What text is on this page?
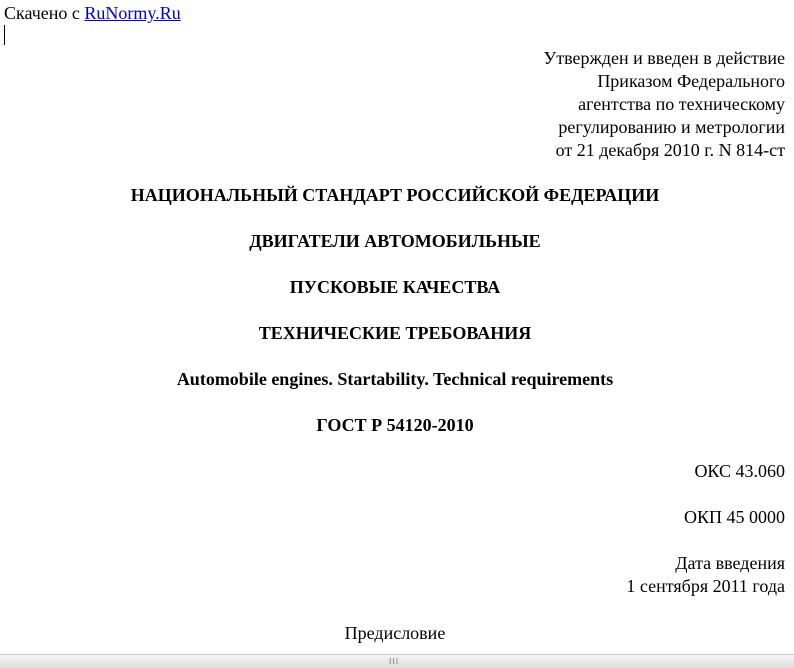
Скачено с RuNormy.Ru
Утвержден и введен в действие
Приказом Федерального
агентства по техническому
регулированию и метрологии
от 21 декабря 2010 г. N 814-ст
НАЦИОНАЛЬНЫЙ СТАНДАРТ РОССИЙСКОЙ ФЕДЕРАЦИИ
ДВИГАТЕЛИ АВТОМОБИЛЬНЫЕ
ПУСКОВЫЕ КАЧЕСТВА
ТЕХНИЧЕСКИЕ ТРЕБОВАНИЯ
Automobile engines. Startability. Technical requirements
ГОСТ Р 54120-2010
ОКС 43.060
ОКП 45 0000
Дата введения
1 сентября 2011 года
Предисловие
III
